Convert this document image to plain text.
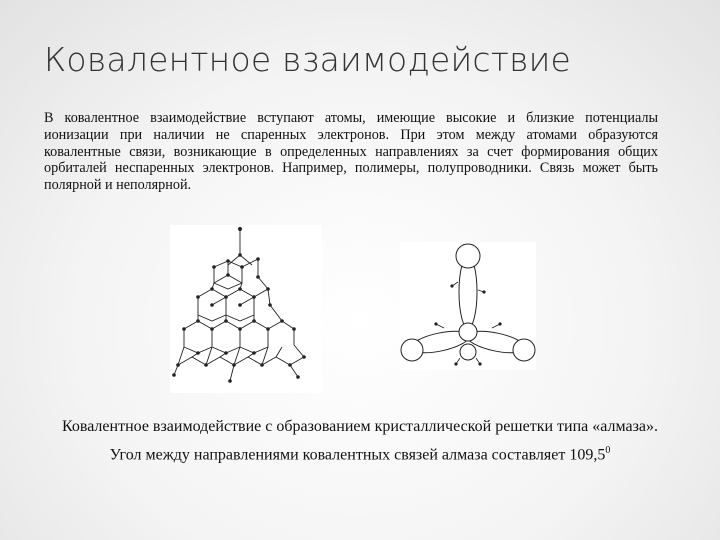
Ковалентное взаимодействие
В ковалентное взаимодействие вступают атомы, имеющие высокие и близкие потенциалы ионизации при наличии не спаренных электронов. При этом между атомами образуются ковалентные связи, возникающие в определенных направлениях за счет формирования общих орбиталей неспаренных электронов. Например, полимеры, полупроводники. Связь может быть полярной и неполярной.
Ковалентное взаимодействие с образованием кристаллической решетки типа «алмаза». Угол между направлениями ковалентных связей алмаза составляет 109,5$^0$
